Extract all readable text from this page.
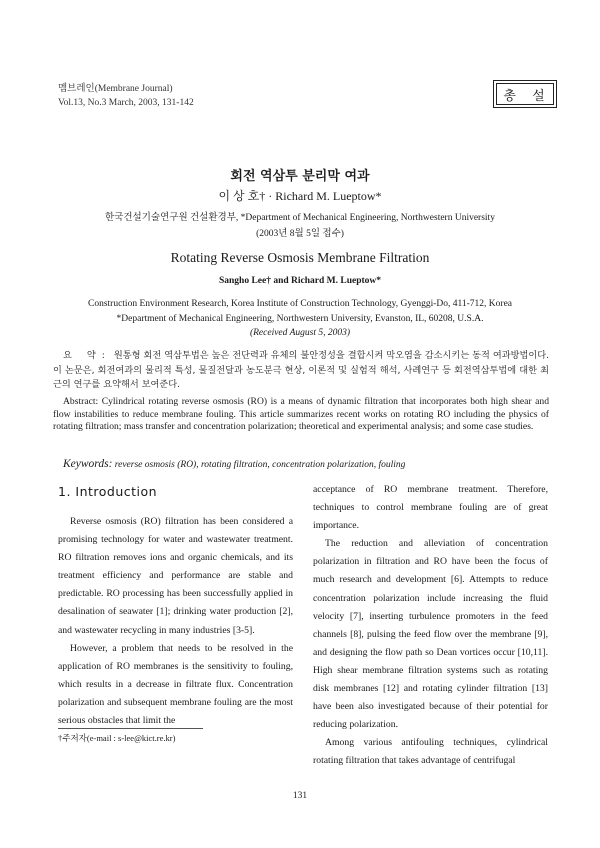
멤브레인(Membrane Journal)
Vol.13, No.3 March, 2003, 131-142	총 설
회전 역삼투 분리막 여과
이 상 호† · Richard M. Lueptow*
한국건설기술연구원 건설환경부, *Department of Mechanical Engineering, Northwestern University
(2003년 8월 5일 접수)
Rotating Reverse Osmosis Membrane Filtration
Sangho Lee† and Richard M. Lueptow*
Construction Environment Research, Korea Institute of Construction Technology, Gyenggi-Do, 411-712, Korea
*Department of Mechanical Engineering, Northwestern University, Evanston, IL, 60208, U.S.A.
(Received August 5, 2003)
요 약: 원통형 회전 역삼투법은 높은 전단력과 유체의 불안정성을 결합시켜 막오염을 감소시키는 동적 여과방법이다. 이 논문은, 회전여과의 물리적 특성, 물질전달과 농도분극 현상, 이론적 및 실험적 해석, 사례연구 등 회전역삼투법에 대한 최근의 연구를 요약해서 보여준다.
Abstract: Cylindrical rotating reverse osmosis (RO) is a means of dynamic filtration that incorporates both high shear and flow instabilities to reduce membrane fouling. This article summarizes recent works on rotating RO including the physics of rotating filtration; mass transfer and concentration polarization; theoretical and experimental analysis; and some case studies.
Keywords: reverse osmosis (RO), rotating filtration, concentration polarization, fouling
1. Introduction

Reverse osmosis (RO) filtration has been considered a promising technology for water and wastewater treatment. RO filtration removes ions and organic chemicals, and its treatment efficiency and performance are stable and predictable. RO processing has been successfully applied in desalination of seawater [1]; drinking water production [2], and wastewater recycling in many industries [3-5].

However, a problem that needs to be resolved in the application of RO membranes is the sensitivity to fouling, which results in a decrease in filtrate flux. Concentration polarization and subsequent membrane fouling are the most serious obstacles that limit the

acceptance of RO membrane treatment. Therefore, techniques to control membrane fouling are of great importance.

The reduction and alleviation of concentration polarization in filtration and RO have been the focus of much research and development [6]. Attempts to reduce concentration polarization include increasing the fluid velocity [7], inserting turbulence promoters in the feed channels [8], pulsing the feed flow over the membrane [9], and designing the flow path so Dean vortices occur [10,11]. High shear membrane filtration systems such as rotating disk membranes [12] and rotating cylinder filtration [13] have been also investigated because of their potential for reducing polarization.

Among various antifouling techniques, cylindrical rotating filtration that takes advantage of centrifugal

†주저자(e-mail : s-lee@kict.re.kr)
131
